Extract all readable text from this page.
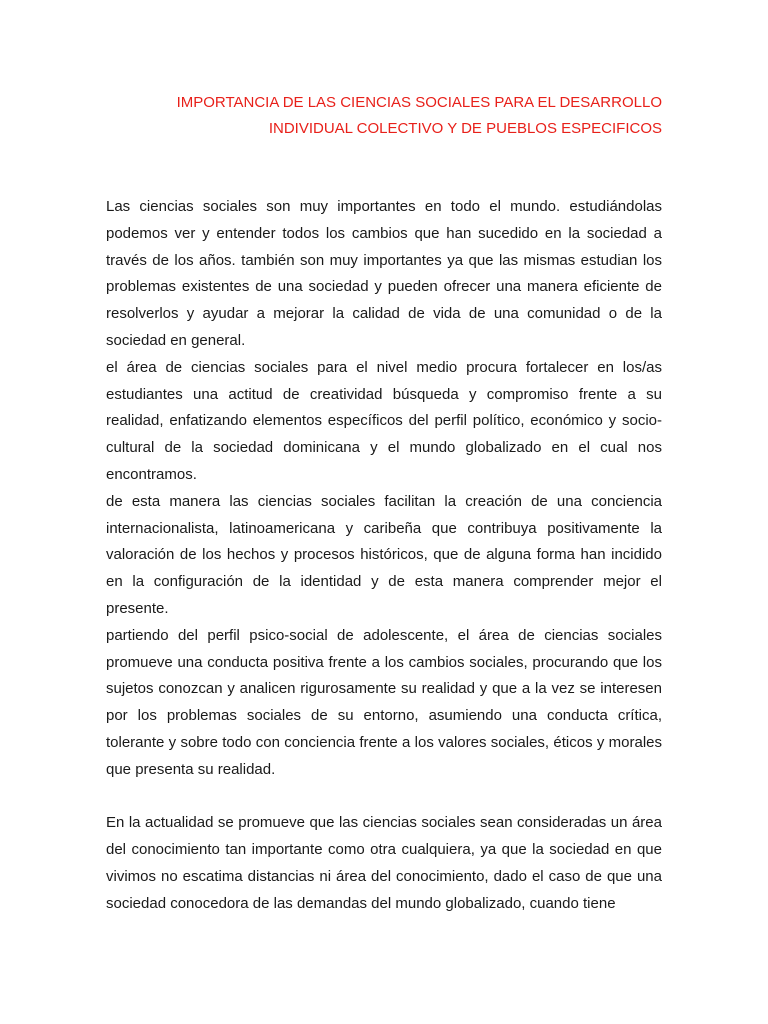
IMPORTANCIA DE LAS CIENCIAS SOCIALES PARA EL DESARROLLO
INDIVIDUAL COLECTIVO Y DE PUEBLOS ESPECIFICOS

Las ciencias sociales son muy importantes en todo el mundo. estudiándolas podemos ver y entender todos los cambios que han sucedido en la sociedad a través de los años. también son muy importantes ya que las mismas estudian los problemas existentes de una sociedad y pueden ofrecer una manera eficiente de resolverlos y ayudar a mejorar la calidad de vida de una comunidad o de la sociedad en general.

el área de ciencias sociales para el nivel medio procura fortalecer en los/as estudiantes una actitud de creatividad búsqueda y compromiso frente a su realidad, enfatizando elementos específicos del perfil político, económico y socio-cultural de la sociedad dominicana y el mundo globalizado en el cual nos encontramos.

de esta manera las ciencias sociales facilitan la creación de una conciencia internacionalista, latinoamericana y caribeña que contribuya positivamente la valoración de los hechos y procesos históricos, que de alguna forma han incidido en la configuración de la identidad y de esta manera comprender mejor el presente.

partiendo del perfil psico-social de adolescente, el área de ciencias sociales promueve una conducta positiva frente a los cambios sociales, procurando que los sujetos conozcan y analicen rigurosamente su realidad y que a la vez se interesen por los problemas sociales de su entorno, asumiendo una conducta crítica, tolerante y sobre todo con conciencia frente a los valores sociales, éticos y morales que presenta su realidad.

En la actualidad se promueve que las ciencias sociales sean consideradas un área del conocimiento tan importante como otra cualquiera, ya que la sociedad en que vivimos no escatima distancias ni área del conocimiento, dado el caso de que una sociedad conocedora de las demandas del mundo globalizado, cuando tiene
